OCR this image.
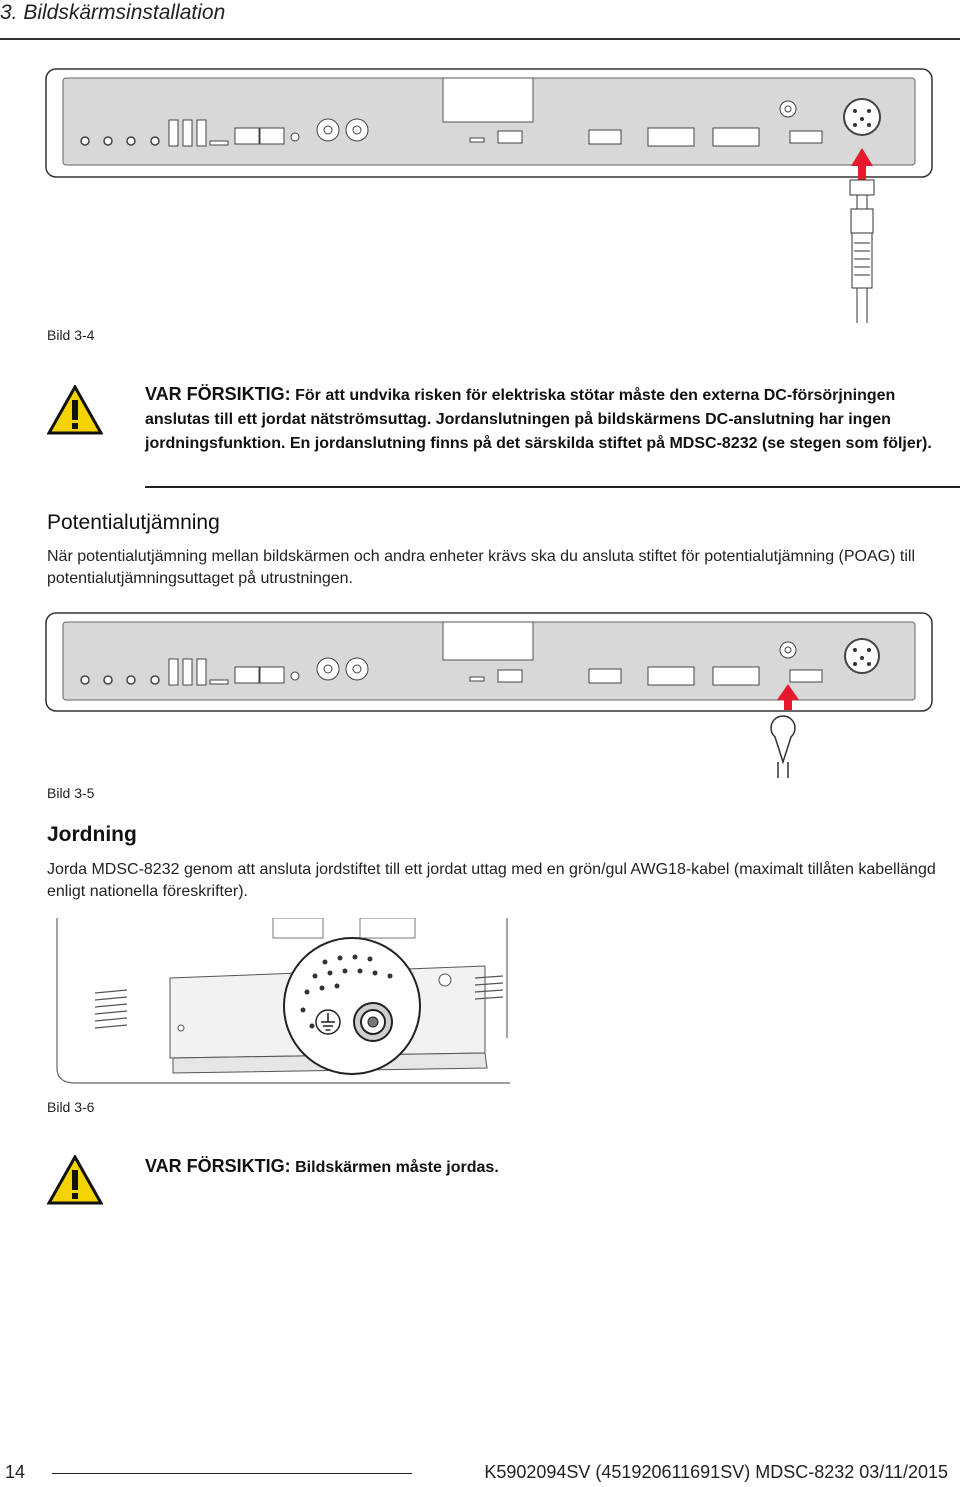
3. Bildskärmsinstallation
Bild 3-4
VAR FÖRSIKTIG: För att undvika risken för elektriska stötar måste den externa DC-försörjningen anslutas till ett jordat nätströmsuttag. Jordanslutningen på bildskärmens DC-anslutning har ingen jordningsfunktion. En jordanslutning finns på det särskilda stiftet på MDSC-8232 (se stegen som följer).
Potentialutjämning
När potentialutjämning mellan bildskärmen och andra enheter krävs ska du ansluta stiftet för potentialutjämning (POAG) till potentialutjämningsuttaget på utrustningen.
Bild 3-5
Jordning
Jorda MDSC-8232 genom att ansluta jordstiftet till ett jordat uttag med en grön/gul AWG18-kabel (maximalt tillåten kabellängd enligt nationella föreskrifter).
Bild 3-6
VAR FÖRSIKTIG: Bildskärmen måste jordas.
14	K5902094SV (451920611691SV) MDSC-8232 03/11/2015
